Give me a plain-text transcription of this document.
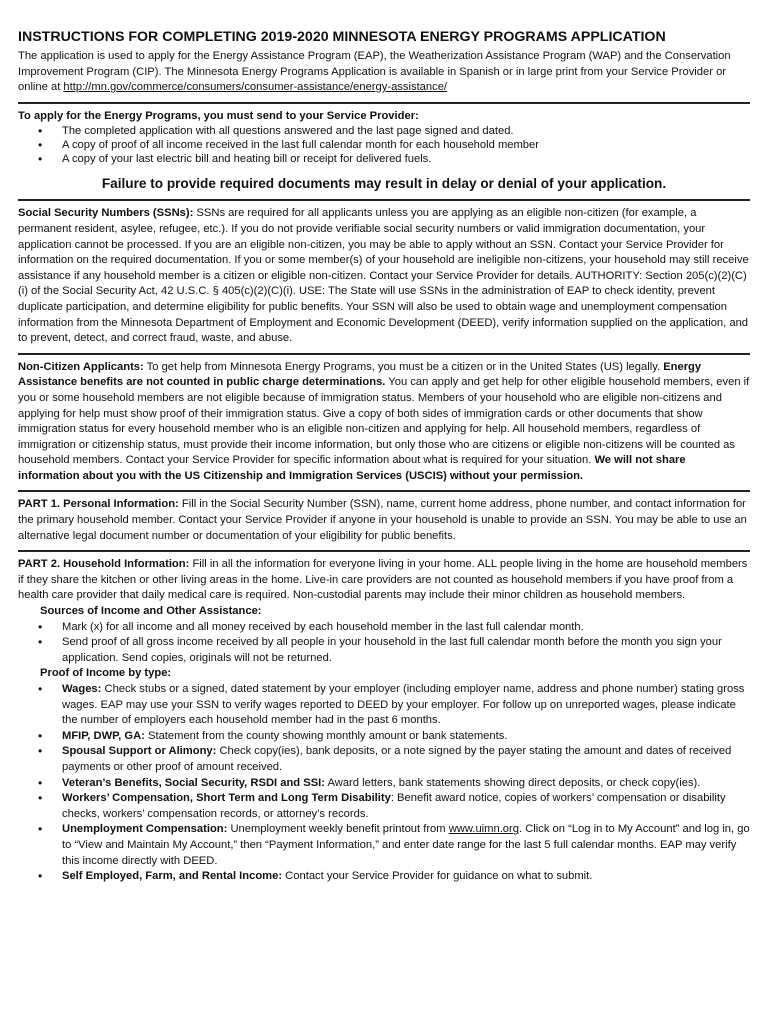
INSTRUCTIONS FOR COMPLETING 2019-2020 MINNESOTA ENERGY PROGRAMS APPLICATION

The application is used to apply for the Energy Assistance Program (EAP), the Weatherization Assistance Program (WAP) and the Conservation Improvement Program (CIP). The Minnesota Energy Programs Application is available in Spanish or in large print from your Service Provider or online at http://mn.gov/commerce/consumers/consumer-assistance/energy-assistance/

To apply for the Energy Programs, you must send to your Service Provider:

• The completed application with all questions answered and the last page signed and dated.
• A copy of proof of all income received in the last full calendar month for each household member
• A copy of your last electric bill and heating bill or receipt for delivered fuels.

Failure to provide required documents may result in delay or denial of your application.

Social Security Numbers (SSNs): SSNs are required for all applicants unless you are applying as an eligible non-citizen (for example, a permanent resident, asylee, refugee, etc.). If you do not provide verifiable social security numbers or valid immigration documentation, your application cannot be processed. If you are an eligible non-citizen, you may be able to apply without an SSN. Contact your Service Provider for information on the required documentation. If you or some member(s) of your household are ineligible non-citizens, your household may still receive assistance if any household member is a citizen or eligible non-citizen. Contact your Service Provider for details. AUTHORITY: Section 205(c)(2)(C)(i) of the Social Security Act, 42 U.S.C. § 405(c)(2)(C)(i). USE: The State will use SSNs in the administration of EAP to check identity, prevent duplicate participation, and determine eligibility for public benefits. Your SSN will also be used to obtain wage and unemployment compensation information from the Minnesota Department of Employment and Economic Development (DEED), verify information supplied on the application, and to prevent, detect, and correct fraud, waste, and abuse.

Non-Citizen Applicants: To get help from Minnesota Energy Programs, you must be a citizen or in the United States (US) legally. Energy Assistance benefits are not counted in public charge determinations. You can apply and get help for other eligible household members, even if you or some household members are not eligible because of immigration status. Members of your household who are eligible non-citizens and applying for help must show proof of their immigration status. Give a copy of both sides of immigration cards or other documents that show immigration status for every household member who is an eligible non-citizen and applying for help. All household members, regardless of immigration or citizenship status, must provide their income information, but only those who are citizens or eligible non-citizens will be counted as household members. Contact your Service Provider for specific information about what is required for your situation. We will not share information about you with the US Citizenship and Immigration Services (USCIS) without your permission.

PART 1. Personal Information: Fill in the Social Security Number (SSN), name, current home address, phone number, and contact information for the primary household member. Contact your Service Provider if anyone in your household is unable to provide an SSN. You may be able to use an alternative legal document number or documentation of your eligibility for public benefits.

PART 2. Household Information: Fill in all the information for everyone living in your home. ALL people living in the home are household members if they share the kitchen or other living areas in the home. Live-in care providers are not counted as household members if you have proof from a health care provider that daily medical care is required. Non-custodial parents may include their minor children as household members.

Sources of Income and Other Assistance:

• Mark (x) for all income and all money received by each household member in the last full calendar month.
• Send proof of all gross income received by all people in your household in the last full calendar month before the month you sign your application. Send copies, originals will not be returned.

Proof of Income by type:

• Wages: Check stubs or a signed, dated statement by your employer (including employer name, address and phone number) stating gross wages. EAP may use your SSN to verify wages reported to DEED by your employer. For follow up on unreported wages, please indicate the number of employers each household member had in the past 6 months.
• MFIP, DWP, GA: Statement from the county showing monthly amount or bank statements.
• Spousal Support or Alimony: Check copy(ies), bank deposits, or a note signed by the payer stating the amount and dates of received payments or other proof of amount received.
• Veteran’s Benefits, Social Security, RSDI and SSI: Award letters, bank statements showing direct deposits, or check copy(ies).
• Workers’ Compensation, Short Term and Long Term Disability: Benefit award notice, copies of workers’ compensation or disability checks, workers’ compensation records, or attorney’s records.
• Unemployment Compensation: Unemployment weekly benefit printout from www.uimn.org. Click on “Log in to My Account” and log in, go to “View and Maintain My Account,” then “Payment Information,” and enter date range for the last 5 full calendar months. EAP may verify this income directly with DEED.
• Self Employed, Farm, and Rental Income: Contact your Service Provider for guidance on what to submit.
